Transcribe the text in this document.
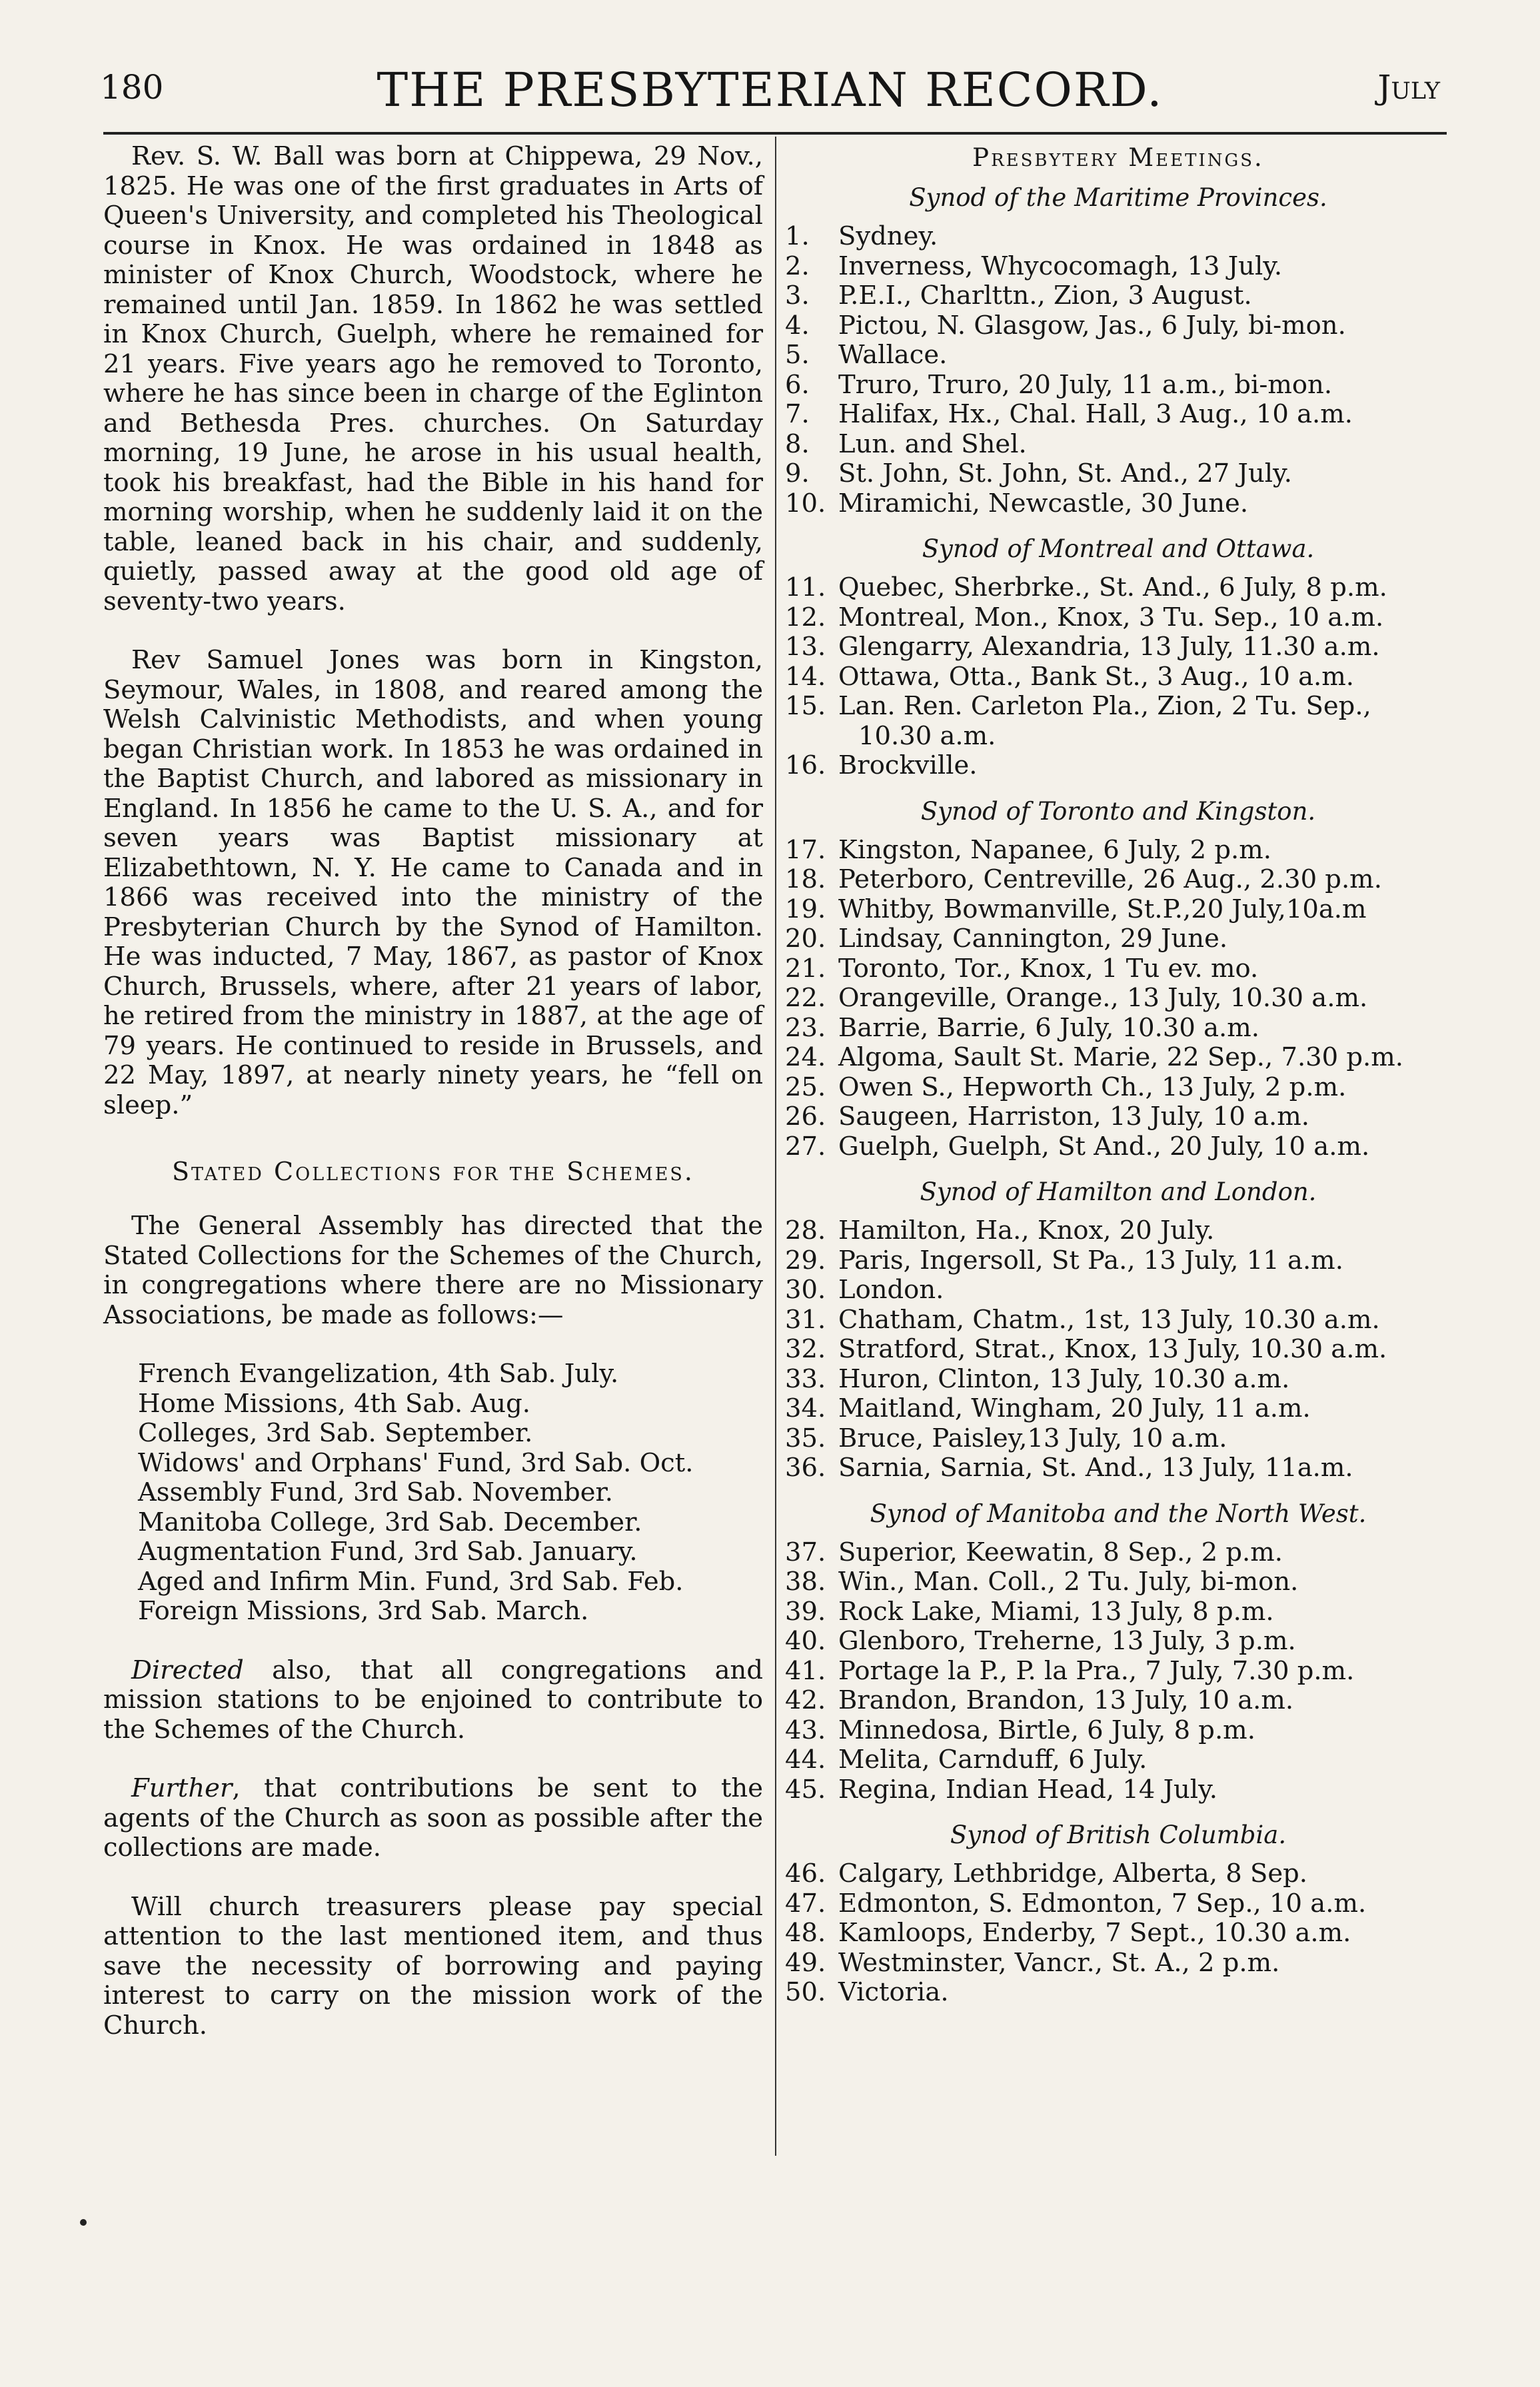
180	THE PRESBYTERIAN RECORD.	July

Rev. S. W. Ball was born at Chippewa, 29 Nov., 1825. He was one of the first graduates in Arts of Queen's University, and completed his Theological course in Knox. He was ordained in 1848 as minister of Knox Church, Woodstock, where he remained until Jan. 1859. In 1862 he was settled in Knox Church, Guelph, where he remained for 21 years. Five years ago he removed to Toronto, where he has since been in charge of the Eglinton and Bethesda Pres. churches. On Saturday morning, 19 June, he arose in his usual health, took his breakfast, had the Bible in his hand for morning worship, when he suddenly laid it on the table, leaned back in his chair, and suddenly, quietly, passed away at the good old age of seventy-two years.

Rev Samuel Jones was born in Kingston, Seymour, Wales, in 1808, and reared among the Welsh Calvinistic Methodists, and when young began Christian work. In 1853 he was ordained in the Baptist Church, and labored as missionary in England. In 1856 he came to the U. S. A., and for seven years was Baptist missionary at Elizabethtown, N. Y. He came to Canada and in 1866 was received into the ministry of the Presbyterian Church by the Synod of Hamilton. He was inducted, 7 May, 1867, as pastor of Knox Church, Brussels, where, after 21 years of labor, he retired from the ministry in 1887, at the age of 79 years. He continued to reside in Brussels, and 22 May, 1897, at nearly ninety years, he “fell on sleep.”

Stated Collections for the Schemes.

The General Assembly has directed that the Stated Collections for the Schemes of the Church, in congregations where there are no Missionary Associations, be made as follows:—

French Evangelization, 4th Sab. July.
Home Missions, 4th Sab. Aug.
Colleges, 3rd Sab. September.
Widows' and Orphans' Fund, 3rd Sab. Oct.
Assembly Fund, 3rd Sab. November.
Manitoba College, 3rd Sab. December.
Augmentation Fund, 3rd Sab. January.
Aged and Infirm Min. Fund, 3rd Sab. Feb.
Foreign Missions, 3rd Sab. March.

Directed also, that all congregations and mission stations to be enjoined to contribute to the Schemes of the Church.

Further, that contributions be sent to the agents of the Church as soon as possible after the collections are made.

Will church treasurers please pay special attention to the last mentioned item, and thus save the necessity of borrowing and paying interest to carry on the mission work of the Church.

Presbytery Meetings.

Synod of the Maritime Provinces.

1. Sydney.
2. Inverness, Whycocomagh, 13 July.
3. P.E.I., Charlttn., Zion, 3 August.
4. Pictou, N. Glasgow, Jas., 6 July, bi-mon.
5. Wallace.
6. Truro, Truro, 20 July, 11 a.m., bi-mon.
7. Halifax, Hx., Chal. Hall, 3 Aug., 10 a.m.
8. Lun. and Shel.
9. St. John, St. John, St. And., 27 July.
10. Miramichi, Newcastle, 30 June.

Synod of Montreal and Ottawa.

11. Quebec, Sherbrke., St. And., 6 July, 8 p.m.
12. Montreal, Mon., Knox, 3 Tu. Sep., 10 a.m.
13. Glengarry, Alexandria, 13 July, 11.30 a.m.
14. Ottawa, Otta., Bank St., 3 Aug., 10 a.m.
15. Lan. Ren. Carleton Pla., Zion, 2 Tu. Sep.,
10.30 a.m.
16. Brockville.

Synod of Toronto and Kingston.

17. Kingston, Napanee, 6 July, 2 p.m.
18. Peterboro, Centreville, 26 Aug., 2.30 p.m.
19. Whitby, Bowmanville, St.P.,20 July,10a.m
20. Lindsay, Cannington, 29 June.
21. Toronto, Tor., Knox, 1 Tu ev. mo.
22. Orangeville, Orange., 13 July, 10.30 a.m.
23. Barrie, Barrie, 6 July, 10.30 a.m.
24. Algoma, Sault St. Marie, 22 Sep., 7.30 p.m.
25. Owen S., Hepworth Ch., 13 July, 2 p.m.
26. Saugeen, Harriston, 13 July, 10 a.m.
27. Guelph, Guelph, St And., 20 July, 10 a.m.

Synod of Hamilton and London.

28. Hamilton, Ha., Knox, 20 July.
29. Paris, Ingersoll, St Pa., 13 July, 11 a.m.
30. London.
31. Chatham, Chatm., 1st, 13 July, 10.30 a.m.
32. Stratford, Strat., Knox, 13 July, 10.30 a.m.
33. Huron, Clinton, 13 July, 10.30 a.m.
34. Maitland, Wingham, 20 July, 11 a.m.
35. Bruce, Paisley,13 July, 10 a.m.
36. Sarnia, Sarnia, St. And., 13 July, 11a.m.

Synod of Manitoba and the North West.

37. Superior, Keewatin, 8 Sep., 2 p.m.
38. Win., Man. Coll., 2 Tu. July, bi-mon.
39. Rock Lake, Miami, 13 July, 8 p.m.
40. Glenboro, Treherne, 13 July, 3 p.m.
41. Portage la P., P. la Pra., 7 July, 7.30 p.m.
42. Brandon, Brandon, 13 July, 10 a.m.
43. Minnedosa, Birtle, 6 July, 8 p.m.
44. Melita, Carnduff, 6 July.
45. Regina, Indian Head, 14 July.

Synod of British Columbia.

46. Calgary, Lethbridge, Alberta, 8 Sep.
47. Edmonton, S. Edmonton, 7 Sep., 10 a.m.
48. Kamloops, Enderby, 7 Sept., 10.30 a.m.
49. Westminster, Vancr., St. A., 2 p.m.
50. Victoria.
